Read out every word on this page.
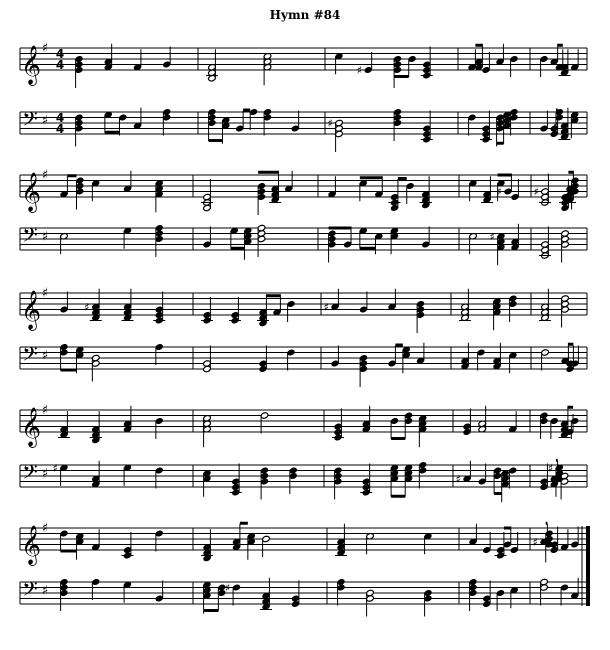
Hymn #84
𝄞 ♯ 4
4
𝄢 ♯ 4
4
♯
♯	♯
𝄞 ♯
𝄢 ♯
♯
♯
♯
𝄞 ♯
𝄢 ♯
♯	♯
𝄞 ♯
𝄢 ♯ ♯
♯
♯
𝄞 ♯
𝄢 ♯	♯
♯
